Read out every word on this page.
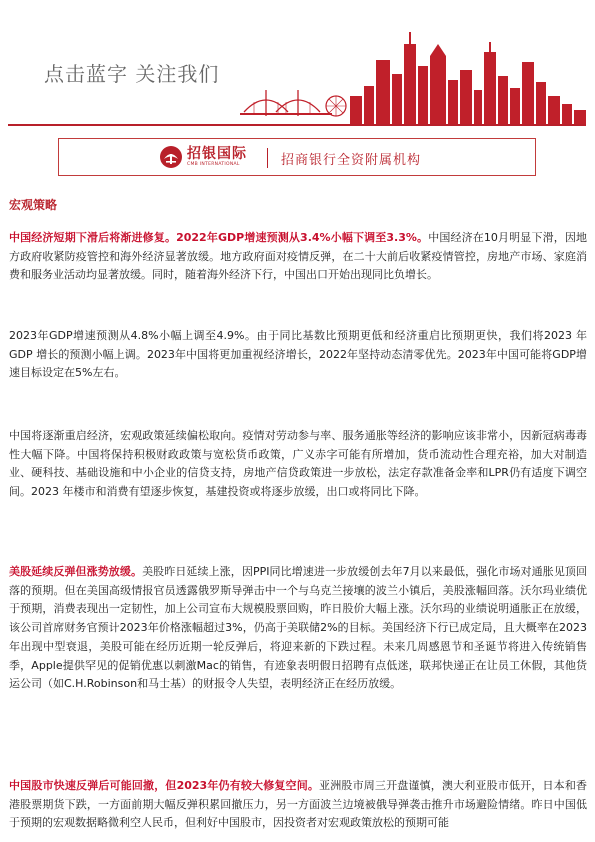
点击蓝字 关注我们
招银国际
CMB INTERNATIONAL	招商银行全资附属机构
宏观策略

中国经济短期下滑后将渐进修复。2022年GDP增速预测从3.4%小幅下调至3.3%。中国经济在10月明显下滑，因地方政府收紧防疫管控和海外经济显著放缓。地方政府面对疫情反弹，在二十大前后收紧疫情管控，房地产市场、家庭消费和服务业活动均显著放缓。同时，随着海外经济下行，中国出口开始出现同比负增长。

2023年GDP增速预测从4.8%小幅上调至4.9%。由于同比基数比预期更低和经济重启比预期更快，我们将2023 年 GDP 增长的预测小幅上调。2023年中国将更加重视经济增长，2022年坚持动态清零优先。2023年中国可能将GDP增速目标设定在5%左右。

中国将逐渐重启经济，宏观政策延续偏松取向。疫情对劳动参与率、服务通胀等经济的影响应该非常小，因新冠病毒毒性大幅下降。中国将保持积极财政政策与宽松货币政策，广义赤字可能有所增加，货币流动性合理充裕，加大对制造业、硬科技、基础设施和中小企业的信贷支持，房地产信贷政策进一步放松，法定存款准备金率和LPR仍有适度下调空间。2023 年楼市和消费有望逐步恢复，基建投资或将逐步放缓，出口或将同比下降。

美股延续反弹但涨势放缓。美股昨日延续上涨，因PPI同比增速进一步放缓创去年7月以来最低，强化市场对通胀见顶回落的预期。但在美国高级情报官员透露俄罗斯导弹击中一个与乌克兰接壤的波兰小镇后，美股涨幅回落。沃尔玛业绩优于预期，消费表现出一定韧性，加上公司宣布大规模股票回购，昨日股价大幅上涨。沃尔玛的业绩说明通胀正在放缓，该公司首席财务官预计2023年价格涨幅超过3%，仍高于美联储2%的目标。美国经济下行已成定局，且大概率在2023年出现中型衰退，美股可能在经历近期一轮反弹后，将迎来新的下跌过程。未来几周感恩节和圣诞节将进入传统销售季，Apple提供罕见的促销优惠以刺激Mac的销售，有迹象表明假日招聘有点低迷，联邦快递正在让员工休假，其他货运公司（如C.H.Robinson和马士基）的财报令人失望，表明经济正在经历放缓。

中国股市快速反弹后可能回撤，但2023年仍有较大修复空间。亚洲股市周三开盘谨慎，澳大利亚股市低开，日本和香港股票期货下跌，一方面前期大幅反弹积累回撤压力，另一方面波兰边境被俄导弹袭击推升市场避险情绪。昨日中国低于预期的宏观数据略微利空人民币，但利好中国股市，因投资者对宏观政策放松的预期可能
